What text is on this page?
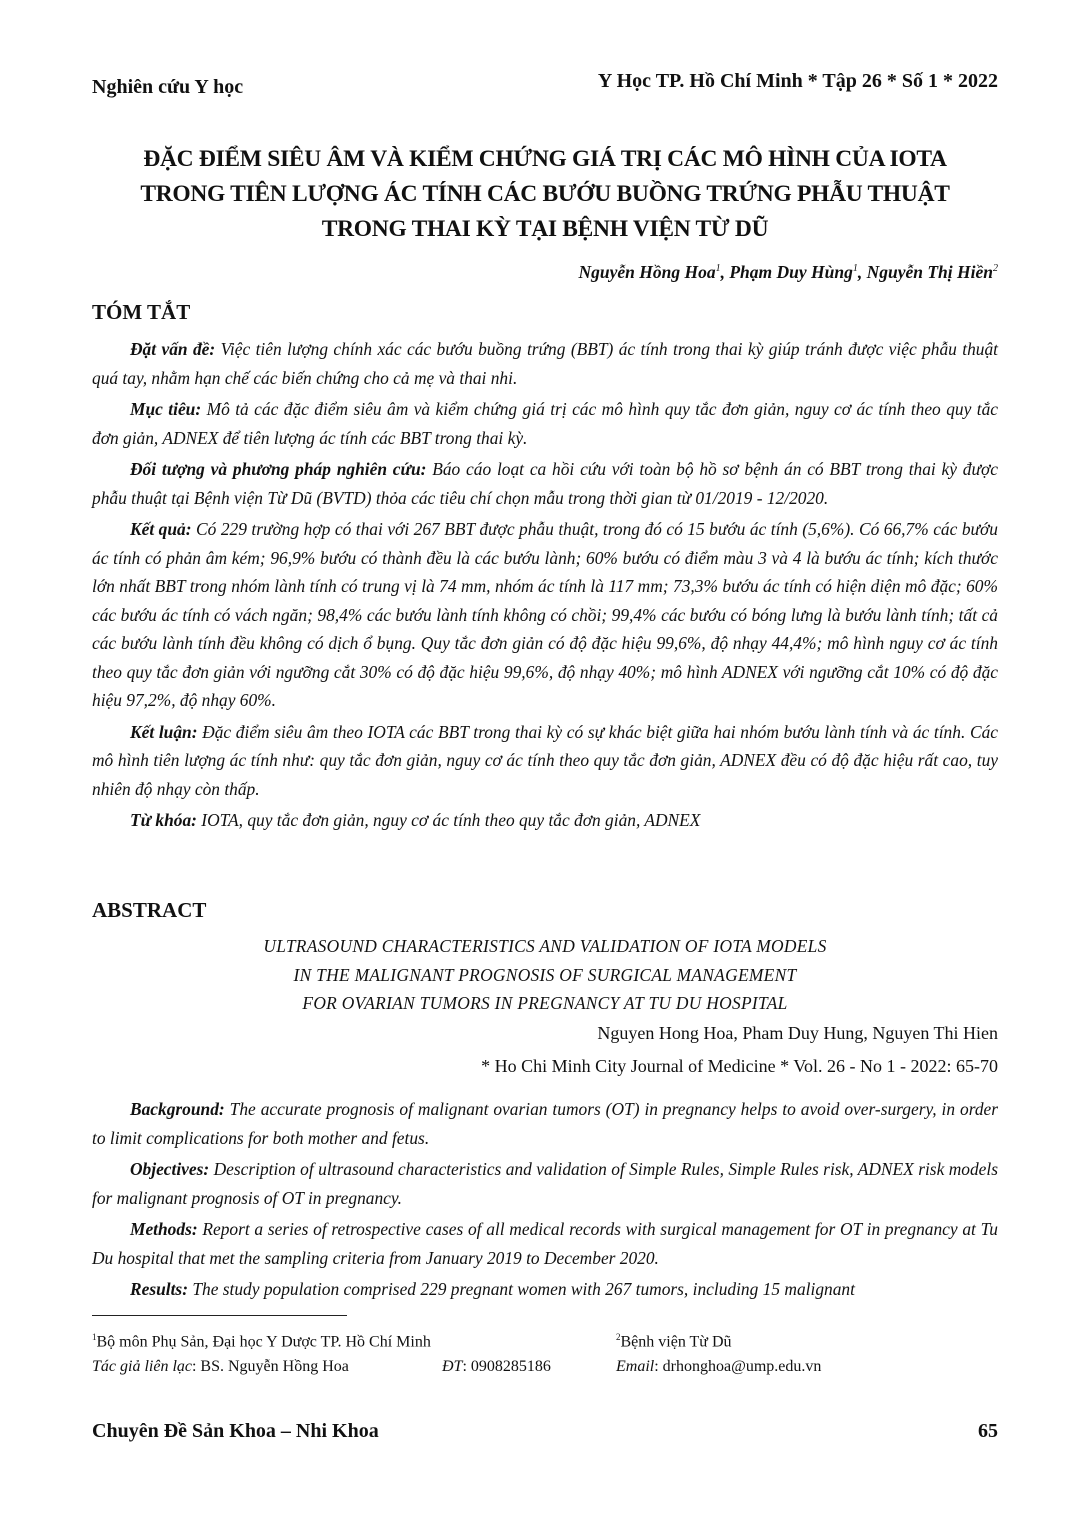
Nghiên cứu Y học	Y Học TP. Hồ Chí Minh * Tập 26 * Số 1 * 2022
ĐẶC ĐIỂM SIÊU ÂM VÀ KIỂM CHỨNG GIÁ TRỊ CÁC MÔ HÌNH CỦA IOTA
TRONG TIÊN LƯỢNG ÁC TÍNH CÁC BƯỚU BUỒNG TRỨNG PHẪU THUẬT
TRONG THAI KỲ TẠI BỆNH VIỆN TỪ DŨ
Nguyễn Hồng Hoa$^1$, Phạm Duy Hùng$^1$, Nguyễn Thị Hiền$^2$
TÓM TẮT

Đặt vấn đề: Việc tiên lượng chính xác các bướu buồng trứng (BBT) ác tính trong thai kỳ giúp tránh được việc phẫu thuật quá tay, nhằm hạn chế các biến chứng cho cả mẹ và thai nhi.

Mục tiêu: Mô tả các đặc điểm siêu âm và kiểm chứng giá trị các mô hình quy tắc đơn giản, nguy cơ ác tính theo quy tắc đơn giản, ADNEX để tiên lượng ác tính các BBT trong thai kỳ.

Đối tượng và phương pháp nghiên cứu: Báo cáo loạt ca hồi cứu với toàn bộ hồ sơ bệnh án có BBT trong thai kỳ được phẫu thuật tại Bệnh viện Từ Dũ (BVTD) thỏa các tiêu chí chọn mẫu trong thời gian từ 01/2019 - 12/2020.

Kết quả: Có 229 trường hợp có thai với 267 BBT được phẫu thuật, trong đó có 15 bướu ác tính (5,6%). Có 66,7% các bướu ác tính có phản âm kém; 96,9% bướu có thành đều là các bướu lành; 60% bướu có điểm màu 3 và 4 là bướu ác tính; kích thước lớn nhất BBT trong nhóm lành tính có trung vị là 74 mm, nhóm ác tính là 117 mm; 73,3% bướu ác tính có hiện diện mô đặc; 60% các bướu ác tính có vách ngăn; 98,4% các bướu lành tính không có chồi; 99,4% các bướu có bóng lưng là bướu lành tính; tất cả các bướu lành tính đều không có dịch ổ bụng. Quy tắc đơn giản có độ đặc hiệu 99,6%, độ nhạy 44,4%; mô hình nguy cơ ác tính theo quy tắc đơn giản với ngưỡng cắt 30% có độ đặc hiệu 99,6%, độ nhạy 40%; mô hình ADNEX với ngưỡng cắt 10% có độ đặc hiệu 97,2%, độ nhạy 60%.

Kết luận: Đặc điểm siêu âm theo IOTA các BBT trong thai kỳ có sự khác biệt giữa hai nhóm bướu lành tính và ác tính. Các mô hình tiên lượng ác tính như: quy tắc đơn giản, nguy cơ ác tính theo quy tắc đơn giản, ADNEX đều có độ đặc hiệu rất cao, tuy nhiên độ nhạy còn thấp.

Từ khóa: IOTA, quy tắc đơn giản, nguy cơ ác tính theo quy tắc đơn giản, ADNEX

ABSTRACT
ULTRASOUND CHARACTERISTICS AND VALIDATION OF IOTA MODELS
IN THE MALIGNANT PROGNOSIS OF SURGICAL MANAGEMENT
FOR OVARIAN TUMORS IN PREGNANCY AT TU DU HOSPITAL
Nguyen Hong Hoa, Pham Duy Hung, Nguyen Thi Hien
* Ho Chi Minh City Journal of Medicine * Vol. 26 - No 1 - 2022: 65-70

Background: The accurate prognosis of malignant ovarian tumors (OT) in pregnancy helps to avoid over-surgery, in order to limit complications for both mother and fetus.

Objectives: Description of ultrasound characteristics and validation of Simple Rules, Simple Rules risk, ADNEX risk models for malignant prognosis of OT in pregnancy.

Methods: Report a series of retrospective cases of all medical records with surgical management for OT in pregnancy at Tu Du hospital that met the sampling criteria from January 2019 to December 2020.

Results: The study population comprised 229 pregnant women with 267 tumors, including 15 malignant

$^1$Bộ môn Phụ Sản, Đại học Y Dược TP. Hồ Chí Minh	$^2$Bệnh viện Từ Dũ
Tác giả liên lạc: BS. Nguyễn Hồng Hoa	ĐT: 0908285186	Email: drhonghoa@ump.edu.vn
Chuyên Đề Sản Khoa – Nhi Khoa	65
